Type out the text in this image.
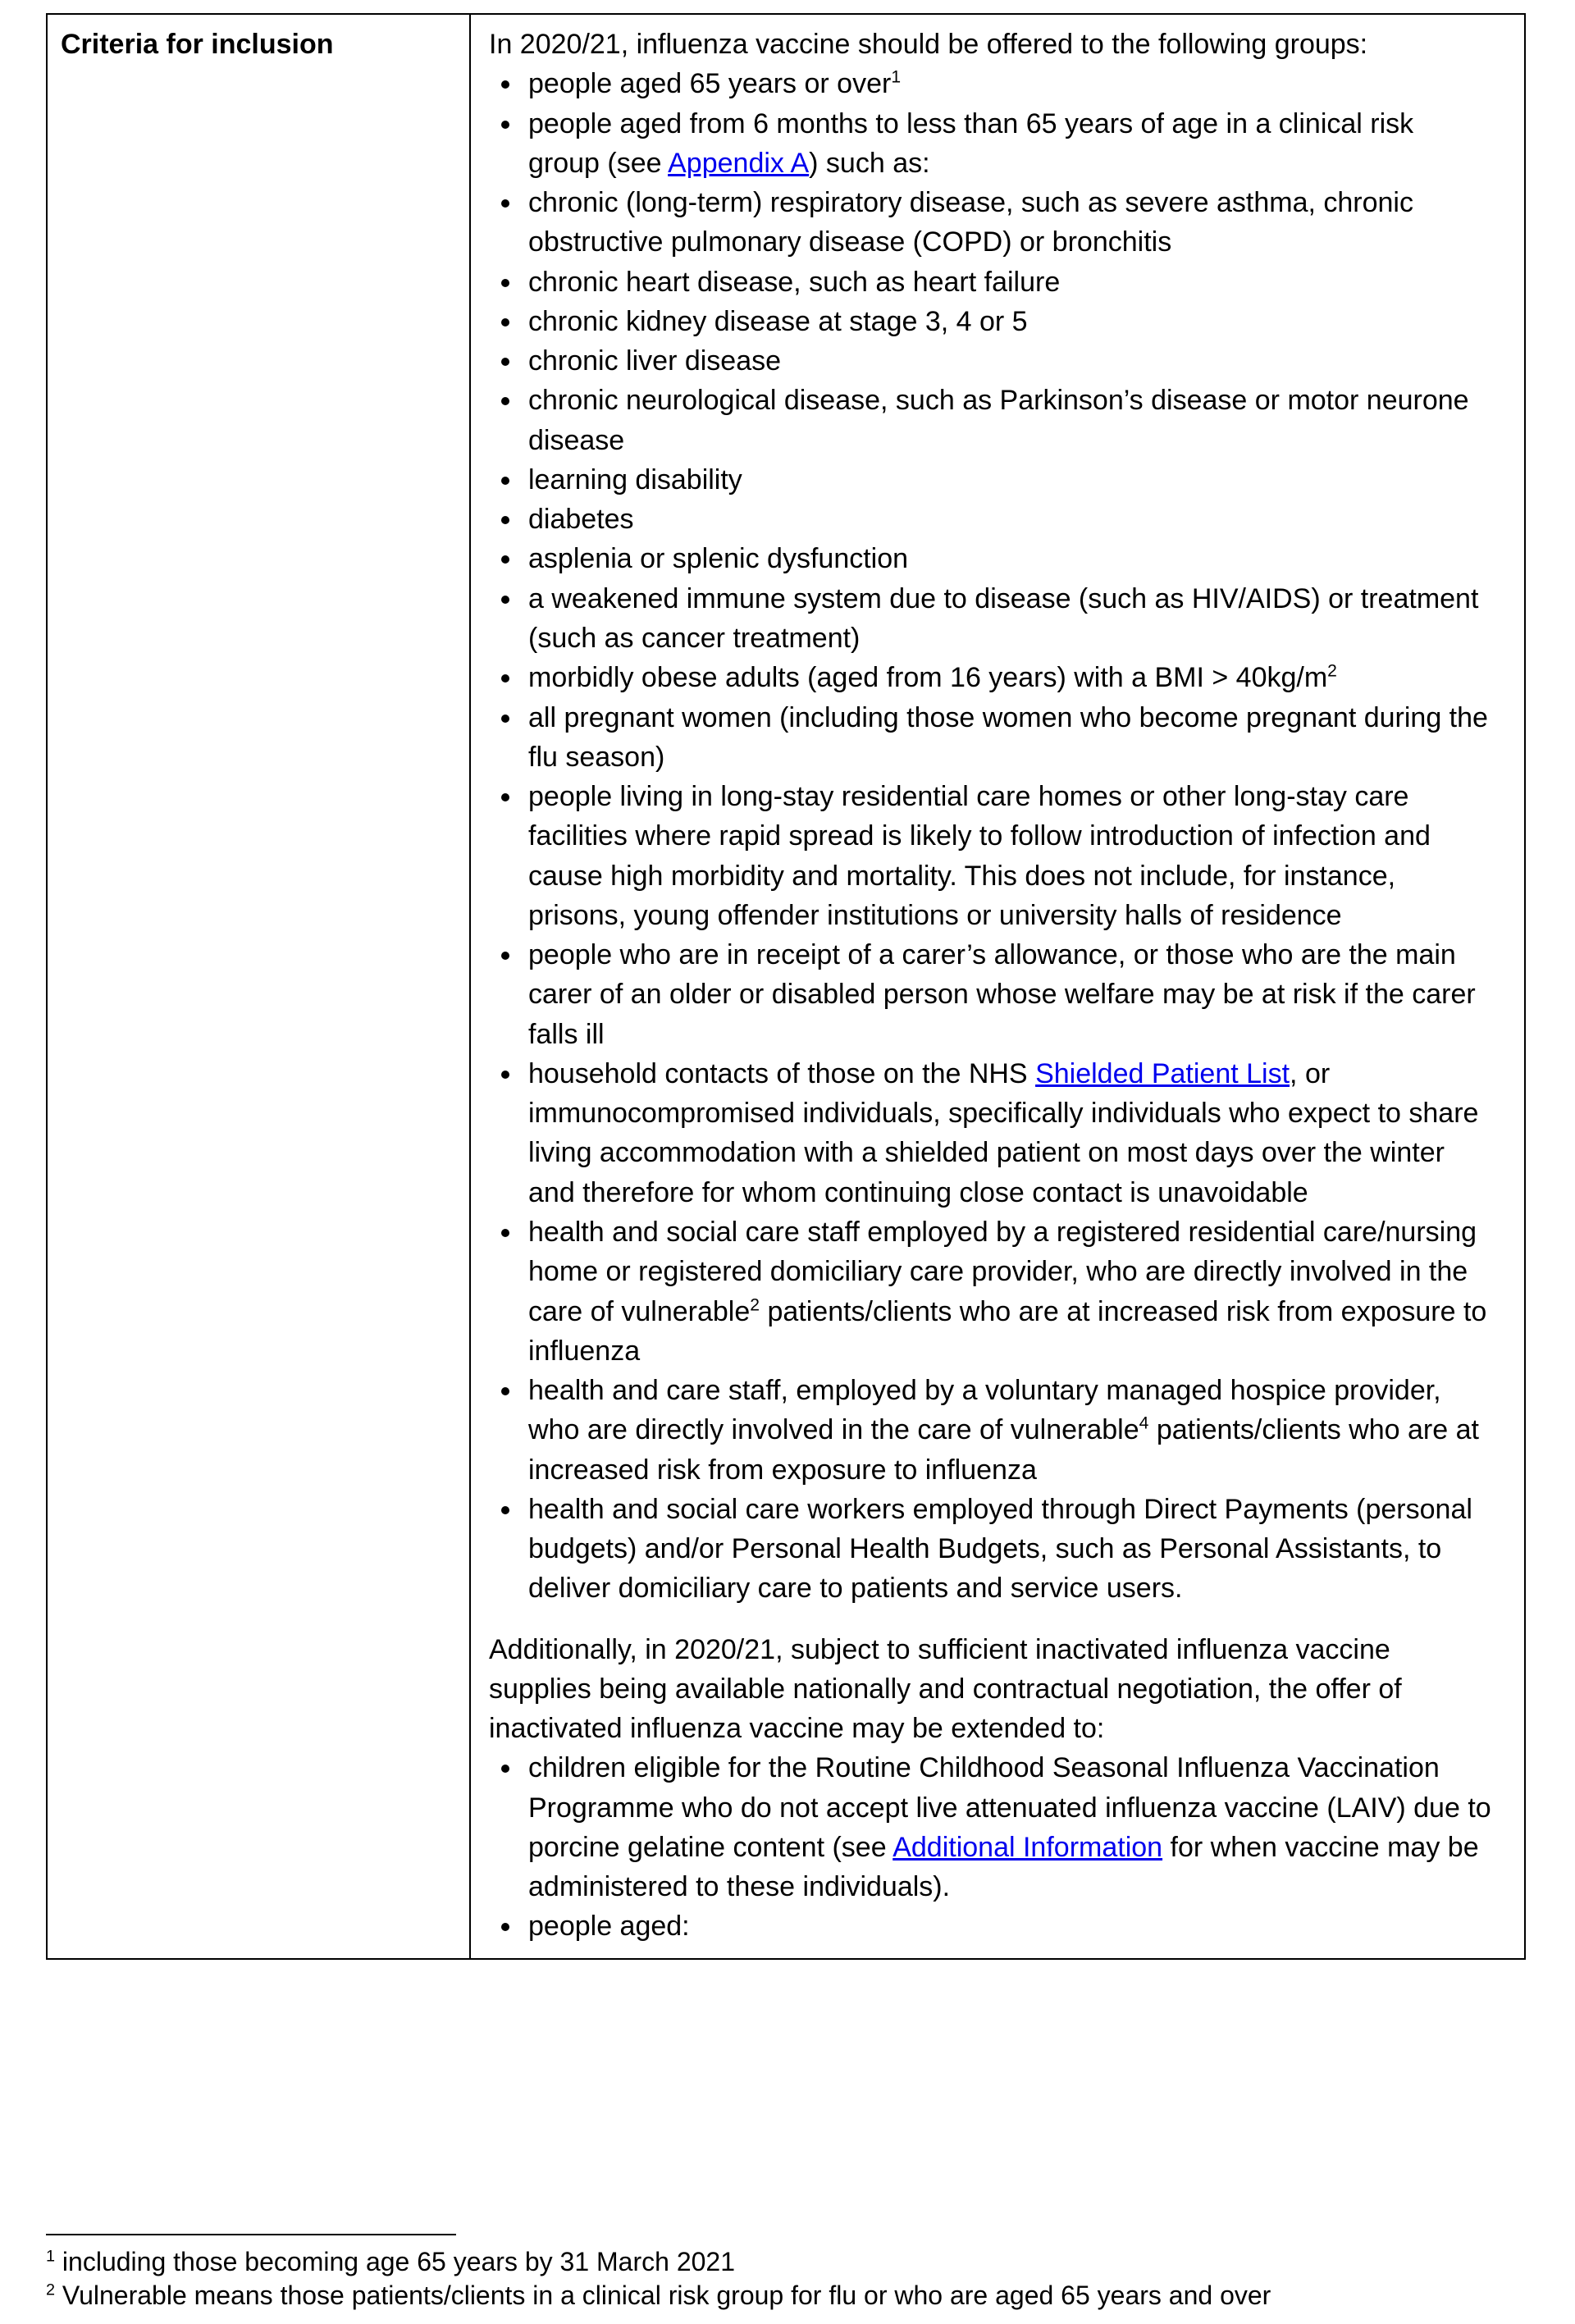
Criteria for inclusion	In 2020/21, influenza vaccine should be offered to the following groups:

• people aged 65 years or over$^1$
• people aged from 6 months to less than 65 years of age in a clinical risk group (see Appendix A) such as:
• chronic (long-term) respiratory disease, such as severe asthma, chronic obstructive pulmonary disease (COPD) or bronchitis
• chronic heart disease, such as heart failure
• chronic kidney disease at stage 3, 4 or 5
• chronic liver disease
• chronic neurological disease, such as Parkinson’s disease or motor neurone disease
• learning disability
• diabetes
• asplenia or splenic dysfunction
• a weakened immune system due to disease (such as HIV/AIDS) or treatment (such as cancer treatment)
• morbidly obese adults (aged from 16 years) with a BMI > $40kg/m^2$
• all pregnant women (including those women who become pregnant during the flu season)
• people living in long-stay residential care homes or other long-stay care facilities where rapid spread is likely to follow introduction of infection and cause high morbidity and mortality. This does not include, for instance, prisons, young offender institutions or university halls of residence
• people who are in receipt of a carer’s allowance, or those who are the main carer of an older or disabled person whose welfare may be at risk if the carer falls ill
• household contacts of those on the NHS Shielded Patient List, or immunocompromised individuals, specifically individuals who expect to share living accommodation with a shielded patient on most days over the winter and therefore for whom continuing close contact is unavoidable
• health and social care staff employed by a registered residential care/nursing home or registered domiciliary care provider, who are directly involved in the care of vulnerable$^2$ patients/clients who are at increased risk from exposure to influenza
• health and care staff, employed by a voluntary managed hospice provider, who are directly involved in the care of vulnerable$^4$ patients/clients who are at increased risk from exposure to influenza
• health and social care workers employed through Direct Payments (personal budgets) and/or Personal Health Budgets, such as Personal Assistants, to deliver domiciliary care to patients and service users.

Additionally, in 2020/21, subject to sufficient inactivated influenza vaccine supplies being available nationally and contractual negotiation, the offer of inactivated influenza vaccine may be extended to:

• children eligible for the Routine Childhood Seasonal Influenza Vaccination Programme who do not accept live attenuated influenza vaccine (LAIV) due to porcine gelatine content (see Additional Information for when vaccine may be administered to these individuals).
• people aged:
$^1$ including those becoming age 65 years by 31 March 2021
$^2$ Vulnerable means those patients/clients in a clinical risk group for flu or who are aged 65 years and over
